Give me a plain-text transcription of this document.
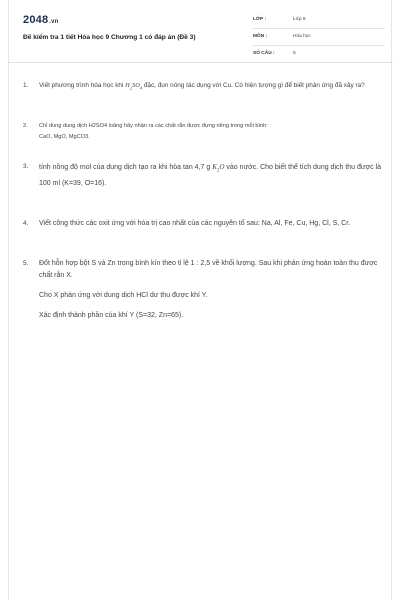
2048.vn
Đề kiểm tra 1 tiết Hóa học 9 Chương 1 có đáp án (Đề 3)
LỚP :	Lớp 6
MÔN :	Hóa học
SỐ CÂU :	5
1. Viết phương trình hóa học khi $H_2SO_4$ đặc, đun nóng tác dụng với Cu. Có hiện tượng gì để biết phản ứng đã xảy ra?

2. Chỉ dùng dung dịch H2SO4 loãng hãy nhận ra các chất rắn được đựng riêng trong mỗi bình:

CaO, MgO, MgCO3.

3. tính nồng độ mol của dung dịch tạo ra khi hòa tan 4,7 g $K_2O$ vào nước. Cho biết thể tích dung dịch thu được là 100 ml (K=39, O=16).

4. Viết công thức các oxit ứng với hóa trị cao nhất của các nguyên tố sau: Na, Al, Fe, Cu, Hg, Cl, S, Cr.

5. Đốt hỗn hợp bột S và Zn trong bình kín theo tỉ lệ 1 : 2,5 về khối lượng. Sau khi phản ứng hoàn toàn thu được chất rắn X.

Cho X phản ứng với dung dịch HCl dư thu được khí Y.

Xác định thành phần của khí Y (S=32, Zn=65).
